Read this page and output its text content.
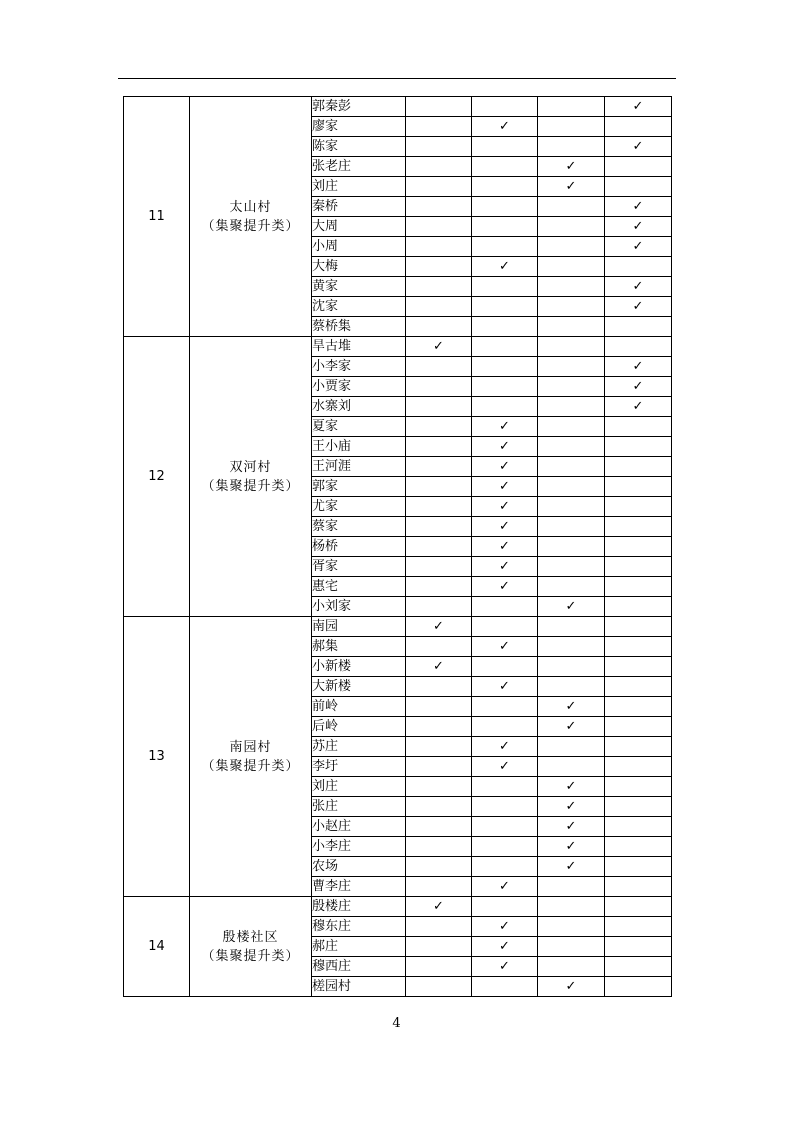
11	太山村
（集聚提升类）	郭秦彭				✓
		廖家		✓		
		陈家				✓
		张老庄			✓	
		刘庄			✓	
		秦桥				✓
		大周				✓
		小周				✓
		大梅		✓		
		黄家				✓
		沈家				✓
		蔡桥集				
12	双河村
（集聚提升类）	旱古堆	✓			
		小李家				✓
		小贾家				✓
		水寨刘				✓
		夏家		✓		
		王小庙		✓		
		王河涯		✓		
		郭家		✓		
		尤家		✓		
		蔡家		✓		
		杨桥		✓		
		胥家		✓		
		惠宅		✓		
		小刘家			✓	
13	南园村
（集聚提升类）	南园	✓			
		郝集		✓		
		小新楼	✓			
		大新楼		✓		
		前岭			✓	
		后岭			✓	
		苏庄		✓		
		李圩		✓		
		刘庄			✓	
		张庄			✓	
		小赵庄			✓	
		小李庄			✓	
		农场			✓	
		曹李庄		✓		
14	殷楼社区
（集聚提升类）	殷楼庄	✓			
		穆东庄		✓		
		郝庄		✓		
		穆西庄		✓		
		槎园村			✓	
4
